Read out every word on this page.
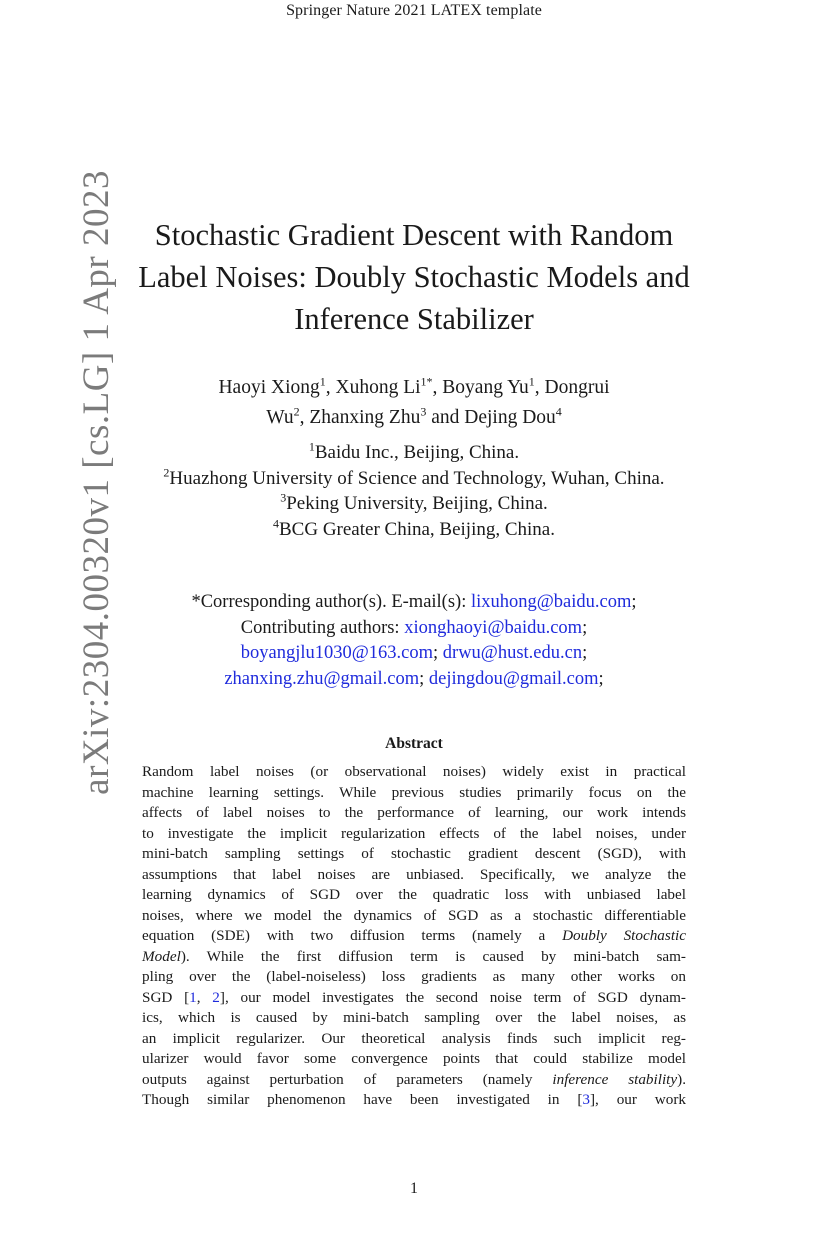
Springer Nature 2021 LATEX template
arXiv:2304.00320v1 [cs.LG] 1 Apr 2023	Stochastic Gradient Descent with Random
Label Noises: Doubly Stochastic Models and
Inference Stabilizer
Haoyi Xiong$^1$, Xuhong $Li^{1*}$, Boyang Yu$^1$, Dongrui
Wu$^2$, Zhanxing Zhu$^3$ and Dejing Dou$^4$
$^1$Baidu Inc., Beijing, China.
$^2$Huazhong University of Science and Technology, Wuhan, China.
$^3$Peking University, Beijing, China.
$^4$BCG Greater China, Beijing, China.
*Corresponding author(s). E-mail(s): lixuhong@baidu.com;
Contributing authors: xionghaoyi@baidu.com;
boyangjlu1030@163.com; drwu@hust.edu.cn;
zhanxing.zhu@gmail.com; dejingdou@gmail.com;
Abstract
Random label noises (or observational noises) widely exist in practical
machine learning settings. While previous studies primarily focus on the
affects of label noises to the performance of learning, our work intends
to investigate the implicit regularization effects of the label noises, under
mini-batch sampling settings of stochastic gradient descent (SGD), with
assumptions that label noises are unbiased. Specifically, we analyze the
learning dynamics of SGD over the quadratic loss with unbiased label
noises, where we model the dynamics of SGD as a stochastic differentiable
equation (SDE) with two diffusion terms (namely a Doubly Stochastic
Model). While the first diffusion term is caused by mini-batch sam-
pling over the (label-noiseless) loss gradients as many other works on
SGD [1, 2], our model investigates the second noise term of SGD dynam-
ics, which is caused by mini-batch sampling over the label noises, as
an implicit regularizer. Our theoretical analysis finds such implicit reg-
ularizer would favor some convergence points that could stabilize model
outputs against perturbation of parameters (namely inference stability).
Though similar phenomenon have been investigated in [3], our work
1
